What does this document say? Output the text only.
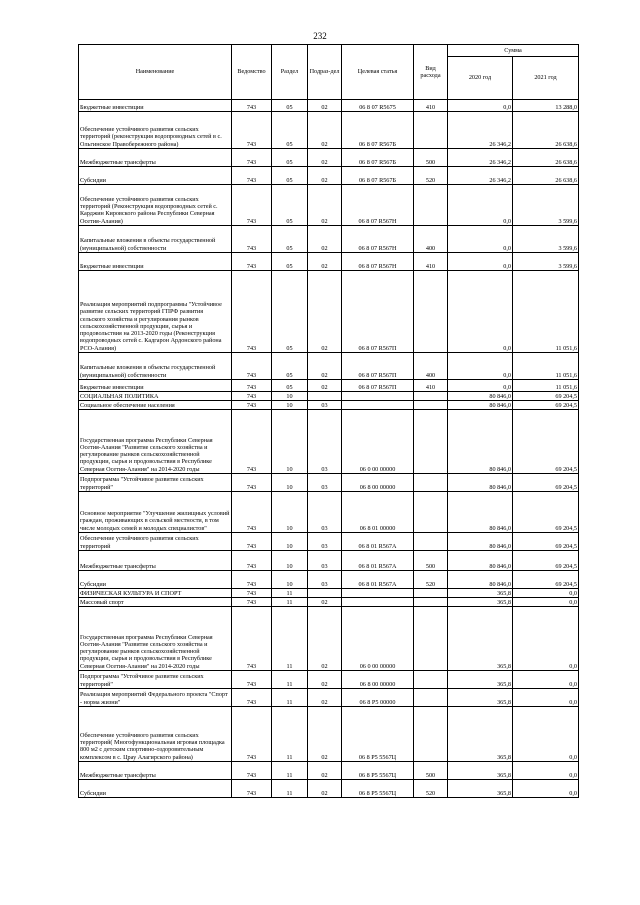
232
Наименование	Ведомство	Раздел	Подраз-дел	Целевая статья	Вид расхода	Сумма	
						2020 год	2021 год
Бюджетные инвестиции	743	05	02	06 8 07 R5675	410	0,0	13 288,0
Обеспечение устойчивого развития сельских территорий (реконструкция водопроводных сетей в с. Ольгинское Правобережного района)	743	05	02	06 8 07 R567Б		26 346,2	26 638,6
Межбюджетные трансферты	743	05	02	06 8 07 R567Б	500	26 346,2	26 638,6
Субсидии	743	05	02	06 8 07 R567Б	520	26 346,2	26 638,6
Обеспечение устойчивого развития сельских территорий (Реконструкция водопроводных сетей с. Карджин Кировского района Республики Северная Осетия-Алания)	743	05	02	06 8 07 R567Н		0,0	3 599,6
Капитальные вложения в объекты государственной (муниципальной) собственности	743	05	02	06 8 07 R567Н	400	0,0	3 599,6
Бюджетные инвестиции	743	05	02	06 8 07 R567Н	410	0,0	3 599,6
Реализация мероприятий подпрограммы "Устойчивое развитие сельских территорий ГПРФ развития сельского хозяйства и регулирования рынков сельскохозяйственной продукции, сырья и продовольствия на 2013-2020 годы (Реконструкция водопроводных сетей с. Кадгарон Ардонского района РСО-Алания)	743	05	02	06 8 07 R567П		0,0	11 051,6
Капитальные вложения в объекты государственной (муниципальной) собственности	743	05	02	06 8 07 R567П	400	0,0	11 051,6
Бюджетные инвестиции	743	05	02	06 8 07 R567П	410	0,0	11 051,6
СОЦИАЛЬНАЯ ПОЛИТИКА	743	10				80 846,0	69 204,5
Социальное обеспечение населения	743	10	03			80 846,0	69 204,5
Государственная программа Республики Северная Осетия-Алания "Развитие сельского хозяйства и регулирование рынков сельскохозяйственной продукции, сырья и продовольствия в Республике Северная Осетия-Алания" на 2014-2020 годы	743	10	03	06 0 00 00000		80 846,0	69 204,5
Подпрограмма "Устойчивое развитие сельских территорий"	743	10	03	06 8 00 00000		80 846,0	69 204,5
Основное мероприятие "Улучшение жилищных условий граждан, проживающих в сельской местности, в том числе молодых семей и молодых специалистов"	743	10	03	06 8 01 00000		80 846,0	69 204,5
Обеспечение устойчивого развития сельских территорий	743	10	03	06 8 01 R567А		80 846,0	69 204,5
Межбюджетные трансферты	743	10	03	06 8 01 R567А	500	80 846,0	69 204,5
Субсидии	743	10	03	06 8 01 R567А	520	80 846,0	69 204,5
ФИЗИЧЕСКАЯ КУЛЬТУРА И СПОРТ	743	11				365,8	0,0
Массовый спорт	743	11	02			365,8	0,0
Государственная программа Республики Северная Осетия-Алания "Развитие сельского хозяйства и регулирование рынков сельскохозяйственной продукции, сырья и продовольствия в Республике Северная Осетия-Алания" на 2014-2020 годы	743	11	02	06 0 00 00000		365,8	0,0
Подпрограмма "Устойчивое развитие сельских территорий"	743	11	02	06 8 00 00000		365,8	0,0
Реализация мероприятий Федерального проекта "Спорт - норма жизни"	743	11	02	06 8 P5 00000		365,8	0,0
Обеспечение устойчивого развития сельских территорий( Многофункциональная игровая площадка 800 м2 с детским спортивно-оздоровительным комплексом в с. Црау Алагирского района)	743	11	02	06 8 P5 5567Ц		365,8	0,0
Межбюджетные трансферты	743	11	02	06 8 P5 5567Ц	500	365,8	0,0
Субсидии	743	11	02	06 8 P5 5567Ц	520	365,8	0,0
